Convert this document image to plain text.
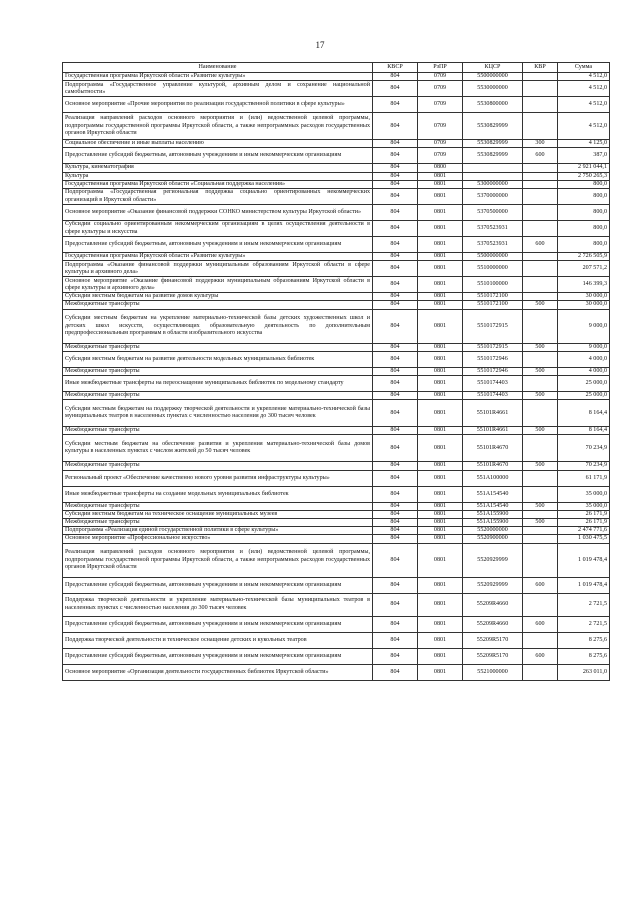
17
Наименование	КВСР	РзПР	КЦСР	КВР	Сумма
Государственная программа Иркутской области «Развитие культуры»	804	0709	5500000000		4 512,0
Подпрограмма «Государственное управление культурой, архивным делом и сохранение национальной самобытности»	804	0709	5530000000		4 512,0
Основное мероприятие «Прочие мероприятия по реализации государственной политики в сфере культуры»	804	0709	5530800000		4 512,0
Реализация направлений расходов основного мероприятия и (или) ведомственной целевой программы, подпрограммы государственной программы Иркутской области, а также непрограммных расходов государственных органов Иркутской области	804	0709	5530829999		4 512,0
Социальное обеспечение и иные выплаты населению	804	0709	5530829999	300	4 125,0
Предоставление субсидий бюджетным, автономным учреждениям и иным некоммерческим организациям	804	0709	5530829999	600	387,0
Культура, кинематография	804	0800			2 921 044,1
Культура	804	0801			2 750 265,3
Государственная программа Иркутской области «Социальная поддержка населения»	804	0801	5300000000		800,0
Подпрограмма «Государственная региональная поддержка социально ориентированных некоммерческих организаций в Иркутской области»	804	0801	5370000000		800,0
Основное мероприятие «Оказание финансовой поддержки СОНКО министерством культуры Иркутской области»	804	0801	5370500000		800,0
Субсидии социально ориентированным некоммерческим организациям в целях осуществления деятельности в сфере культуры и искусства	804	0801	5370523931		800,0
Предоставление субсидий бюджетным, автономным учреждениям и иным некоммерческим организациям	804	0801	5370523931	600	800,0
Государственная программа Иркутской области «Развитие культуры»	804	0801	5500000000		2 726 505,9
Подпрограмма «Оказание финансовой поддержки муниципальным образованиям Иркутской области в сфере культуры и архивного дела»	804	0801	5510000000		207 571,2
Основное мероприятие «Оказание финансовой поддержки муниципальным образованиям Иркутской области в сфере культуры и архивного дела»	804	0801	5510100000		146 399,3
Субсидии местным бюджетам на развитие домов культуры	804	0801	5510172100		30 000,0
Межбюджетные трансферты	804	0801	5510172100	500	30 000,0
Субсидии местным бюджетам на укрепление материально-технической базы детских художественных школ и детских школ искусств, осуществляющих образовательную деятельность по дополнительным предпрофессиональным программам в области изобразительного искусства	804	0801	5510172915		9 000,0
Межбюджетные трансферты	804	0801	5510172915	500	9 000,0
Субсидии местным бюджетам на развитие деятельности модельных муниципальных библиотек	804	0801	5510172946		4 000,0
Межбюджетные трансферты	804	0801	5510172946	500	4 000,0
Иные межбюджетные трансферты на переоснащение муниципальных библиотек по модельному стандарту	804	0801	5510174403		25 000,0
Межбюджетные трансферты	804	0801	5510174403	500	25 000,0
Субсидии местным бюджетам на поддержку творческой деятельности и укрепление материально-технической базы муниципальных театров в населенных пунктах с численностью населения до 300 тысяч человек	804	0801	55101R4661		8 164,4
Межбюджетные трансферты	804	0801	55101R4661	500	8 164,4
Субсидии местным бюджетам на обеспечение развития и укрепления материально-технической базы домов культуры в населенных пунктах с числом жителей до 50 тысяч человек	804	0801	55101R4670		70 234,9
Межбюджетные трансферты	804	0801	55101R4670	500	70 234,9
Региональный проект «Обеспечение качественно нового уровня развития инфраструктуры культуры»	804	0801	551A100000		61 171,9
Иные межбюджетные трансферты на создание модельных муниципальных библиотек	804	0801	551A154540		35 000,0
Межбюджетные трансферты	804	0801	551A154540	500	35 000,0
Субсидии местным бюджетам на техническое оснащение муниципальных музеев	804	0801	551A155900		26 171,9
Межбюджетные трансферты	804	0801	551A155900	500	26 171,9
Подпрограмма «Реализация единой государственной политики в сфере культуры»	804	0801	5520000000		2 474 771,6
Основное мероприятие «Профессиональное искусство»	804	0801	5520900000		1 030 475,5
Реализация направлений расходов основного мероприятия и (или) ведомственной целевой программы, подпрограммы государственной программы Иркутской области, а также непрограммных расходов государственных органов Иркутской области	804	0801	5520929999		1 019 478,4
Предоставление субсидий бюджетным, автономным учреждениям и иным некоммерческим организациям	804	0801	5520929999	600	1 019 478,4
Поддержка творческой деятельности и укрепление материально-технической базы муниципальных театров в населенных пунктах с численностью населения до 300 тысяч человек	804	0801	55209R4660		2 721,5
Предоставление субсидий бюджетным, автономным учреждениям и иным некоммерческим организациям	804	0801	55209R4660	600	2 721,5
Поддержка творческой деятельности и техническое оснащение детских и кукольных театров	804	0801	55209R5170		8 275,6
Предоставление субсидий бюджетным, автономным учреждениям и иным некоммерческим организациям	804	0801	55209R5170	600	8 275,6
Основное мероприятие «Организация деятельности государственных библиотек Иркутской области»	804	0801	5521000000		263 011,0
